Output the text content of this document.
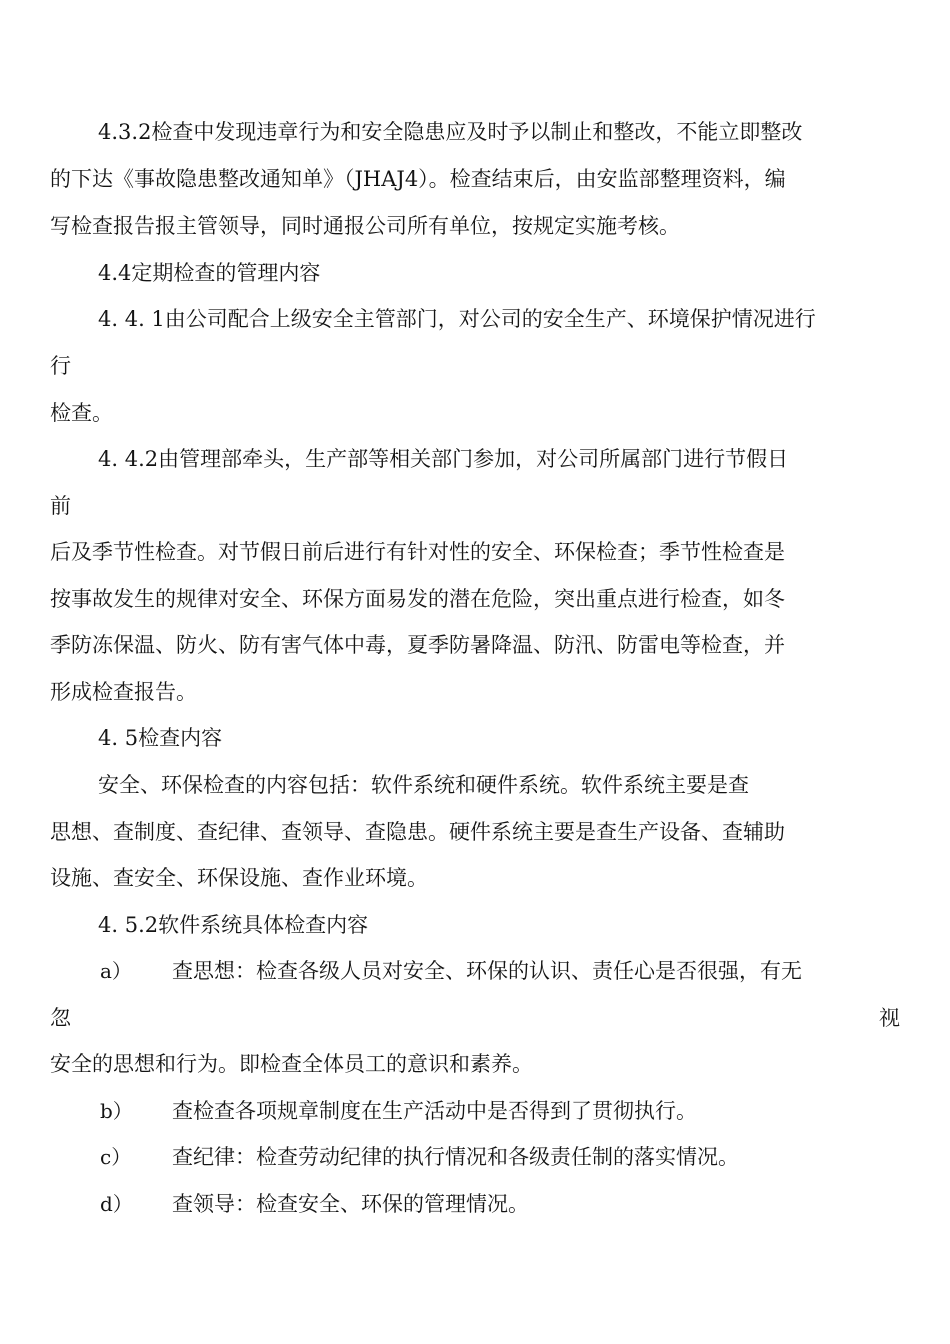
4.3.2检查中发现违章行为和安全隐患应及时予以制止和整改，不能立即整改
的下达《事故隐患整改通知单》（JHAJ4）。检查结束后，由安监部整理资料，编
写检查报告报主管领导，同时通报公司所有单位，按规定实施考核。
4.4定期检查的管理内容
4. 4. 1由公司配合上级安全主管部门，对公司的安全生产、环境保护情况进行
行
检查。
4. 4.2由管理部牵头，生产部等相关部门参加，对公司所属部门进行节假日
前
后及季节性检查。对节假日前后进行有针对性的安全、环保检查；季节性检查是
按事故发生的规律对安全、环保方面易发的潜在危险，突出重点进行检查，如冬
季防冻保温、防火、防有害气体中毒，夏季防暑降温、防汛、防雷电等检查，并
形成检查报告。
4. 5检查内容
安全、环保检查的内容包括：软件系统和硬件系统。软件系统主要是查
思想、查制度、查纪律、查领导、查隐患。硬件系统主要是查生产设备、查辅助
设施、查安全、环保设施、查作业环境。
4. 5.2软件系统具体检查内容
a） 查思想：检查各级人员对安全、环保的认识、责任心是否很强，有无
忽	视
安全的思想和行为。即检查全体员工的意识和素养。
b） 查检查各项规章制度在生产活动中是否得到了贯彻执行。
c） 查纪律：检查劳动纪律的执行情况和各级责任制的落实情况。
d） 查领导：检查安全、环保的管理情况。
